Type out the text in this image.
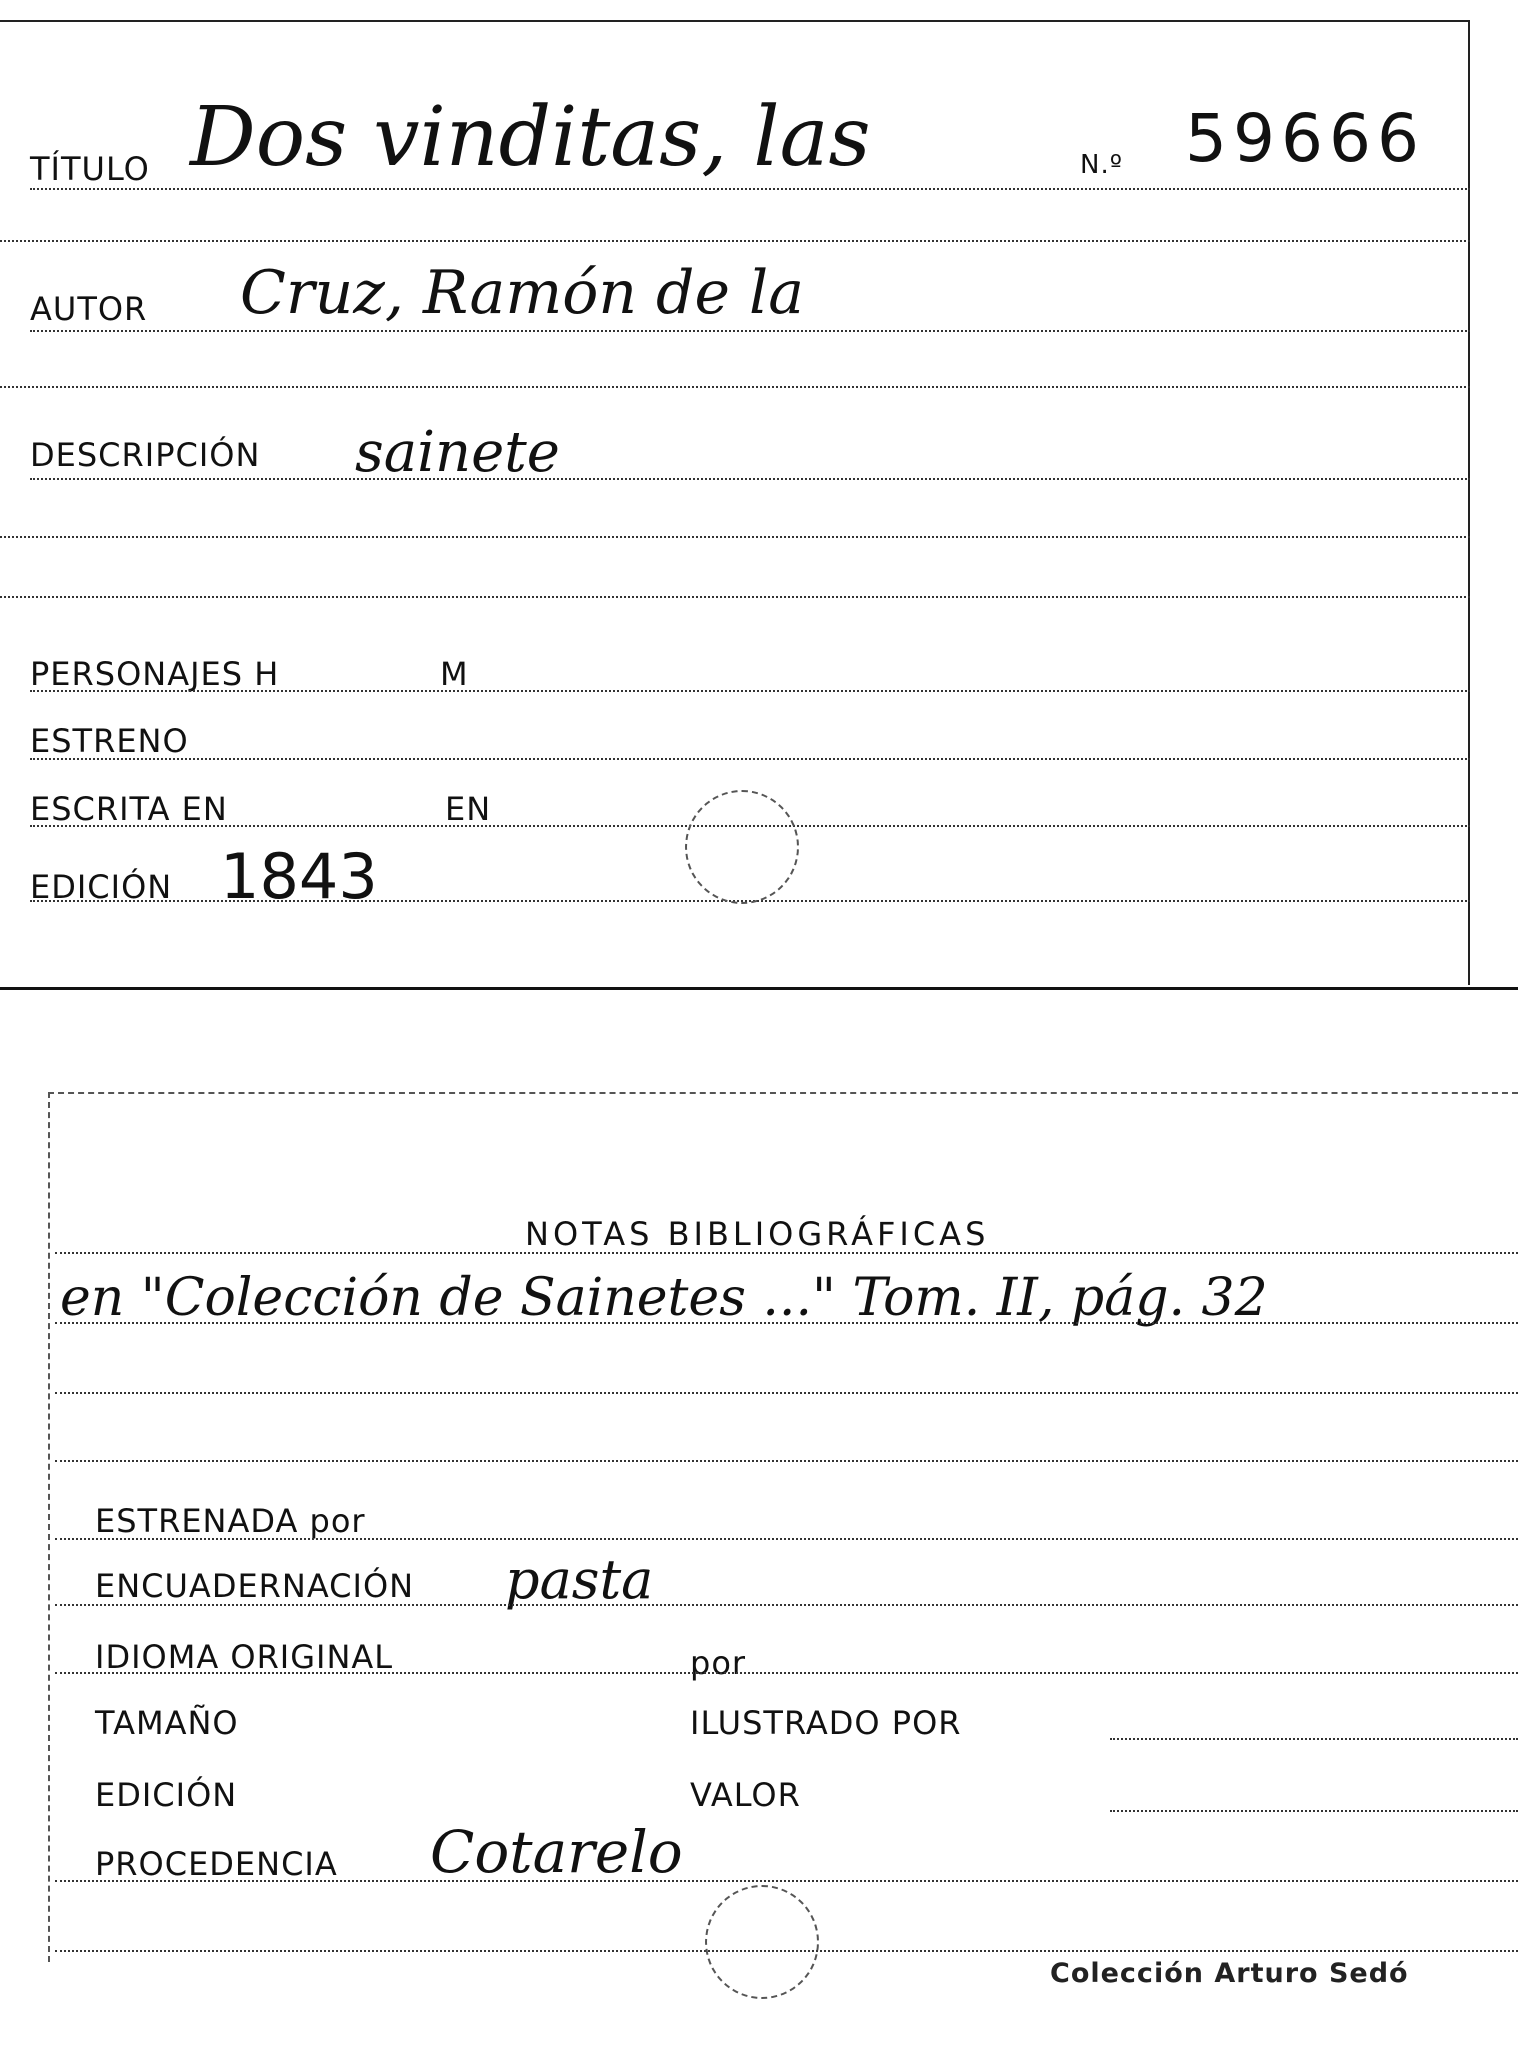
TÍTULO Dos vinditas, las	N.º 59666
AUTOR Cruz, Ramón de la
DESCRIPCIÓN sainete
PERSONAJES H	M
ESTRENO
ESCRITA EN	EN
EDICIÓN 1843
NOTAS BIBLIOGRÁFICAS
en "Colección de Sainetes ..." Tom. II, pág. 32
ESTRENADA por
ENCUADERNACIÓN pasta
IDIOMA ORIGINAL	por
TAMAÑO	ILUSTRADO POR
EDICIÓN	VALOR
PROCEDENCIA Cotarelo
Colección Arturo Sedó
